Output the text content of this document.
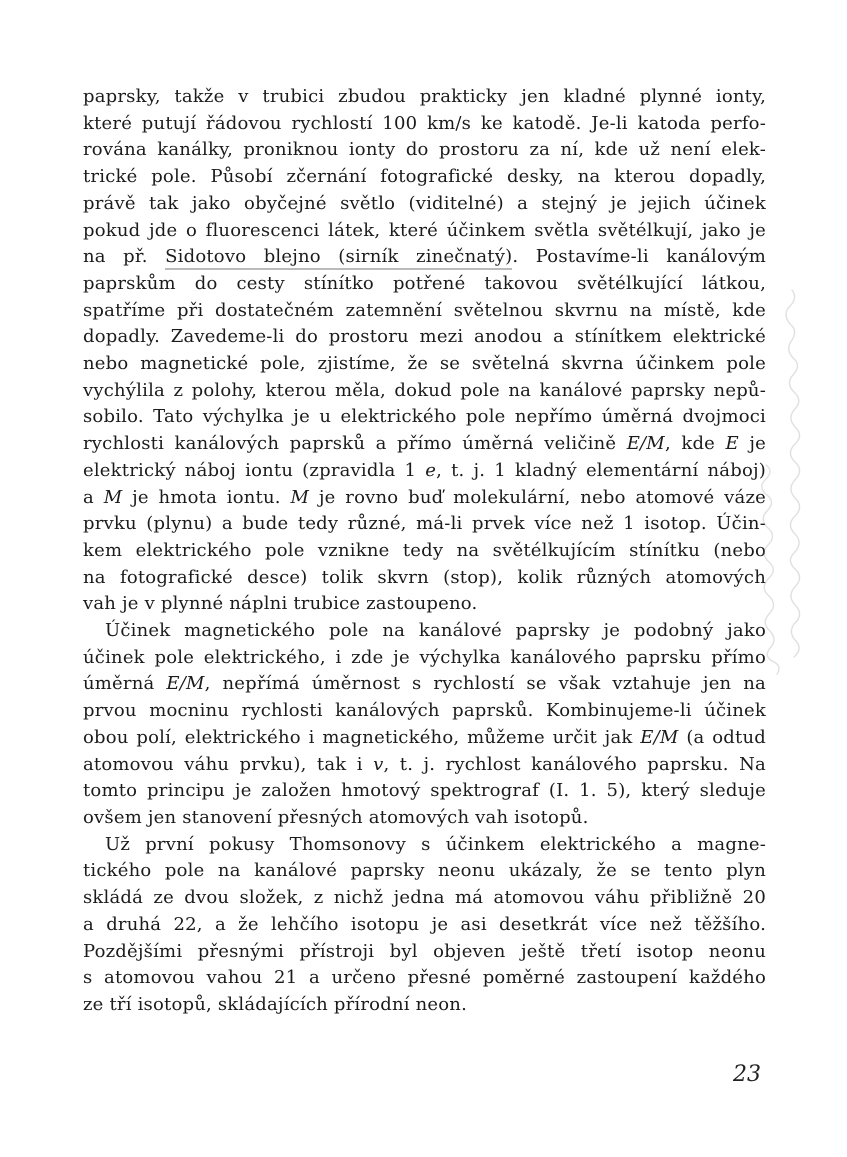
paprsky, takže v trubici zbudou prakticky jen kladné plynné ionty,
které putují řádovou rychlostí 100 km/s ke katodě. Je-li katoda perfo-
rována kanálky, proniknou ionty do prostoru za ní, kde už není elek-
trické pole. Působí zčernání fotografické desky, na kterou dopadly,
právě tak jako obyčejné světlo (viditelné) a stejný je jejich účinek
pokud jde o fluorescenci látek, které účinkem světla světélkují, jako je
na př. Sidotovo blejno (sirník zinečnatý). Postavíme-li kanálovým
paprskům do cesty stínítko potřené takovou světélkující látkou,
spatříme při dostatečném zatemnění světelnou skvrnu na místě, kde
dopadly. Zavedeme-li do prostoru mezi anodou a stínítkem elektrické
nebo magnetické pole, zjistíme, že se světelná skvrna účinkem pole
vychýlila z polohy, kterou měla, dokud pole na kanálové paprsky nepů-
sobilo. Tato výchylka je u elektrického pole nepřímo úměrná dvojmoci
rychlosti kanálových paprsků a přímo úměrná veličině E/M, kde E je
elektrický náboj iontu (zpravidla 1 e, t. j. 1 kladný elementární náboj)
a M je hmota iontu. M je rovno buď molekulární, nebo atomové váze
prvku (plynu) a bude tedy různé, má-li prvek více než 1 isotop. Účin-
kem elektrického pole vznikne tedy na světélkujícím stínítku (nebo
na fotografické desce) tolik skvrn (stop), kolik různých atomových
vah je v plynné náplni trubice zastoupeno.
Účinek magnetického pole na kanálové paprsky je podobný jako
účinek pole elektrického, i zde je výchylka kanálového paprsku přímo
úměrná E/M, nepřímá úměrnost s rychlostí se však vztahuje jen na
prvou mocninu rychlosti kanálových paprsků. Kombinujeme-li účinek
obou polí, elektrického i magnetického, můžeme určit jak E/M (a odtud
atomovou váhu prvku), tak i v, t. j. rychlost kanálového paprsku. Na
tomto principu je založen hmotový spektrograf (I. 1. 5), který sleduje
ovšem jen stanovení přesných atomových vah isotopů.
Už první pokusy Thomsonovy s účinkem elektrického a magne-
tického pole na kanálové paprsky neonu ukázaly, že se tento plyn
skládá ze dvou složek, z nichž jedna má atomovou váhu přibližně 20
a druhá 22, a že lehčího isotopu je asi desetkrát více než těžšího.
Pozdějšími přesnými přístroji byl objeven ještě třetí isotop neonu
s atomovou vahou 21 a určeno přesné poměrné zastoupení každého
ze tří isotopů, skládajících přírodní neon.
23
